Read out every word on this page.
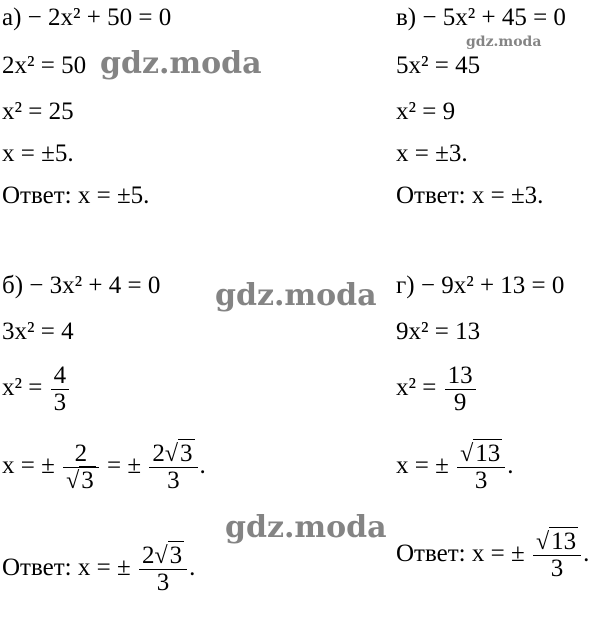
а) − 2x² + 50 = 0
2x² = 50
x² = 25
x = ±5.
Ответ: x = ±5.
в) − 5x² + 45 = 0
5x² = 45
x² = 9
x = ±3.
Ответ: x = ±3.
б) − 3x² + 4 = 0
3x² = 4
$x^2 = \frac{4}{3}$
x = ± $\frac{2}{√3}$ = ± $\frac{2√3}{3}$ .
Ответ: x = ± $\frac{2√3}{3}$ .
г) − 9x² + 13 = 0
9x² = 13
$x^2 = \frac{13}{9}$
x = ± $\frac{√13}{3}$ .
Ответ: x = ± $\frac{√13}{3}$ .
gdz.moda
gdz.moda
gdz.moda
gdz.moda
